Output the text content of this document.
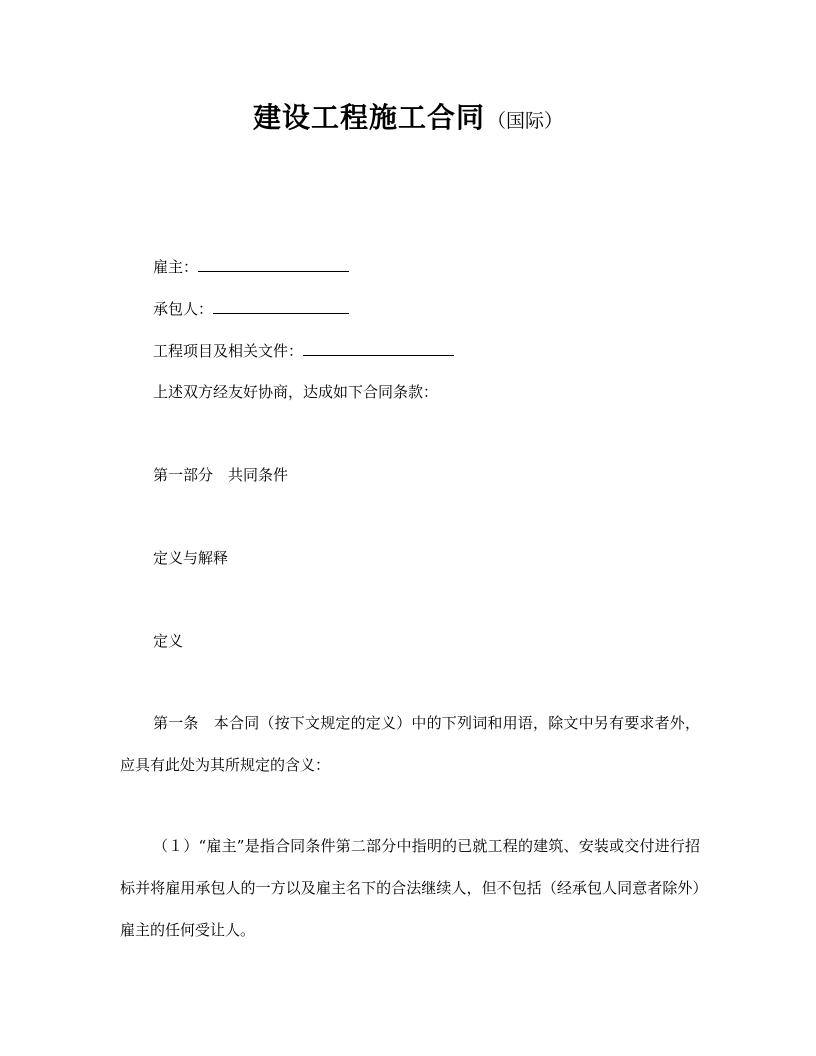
建设工程施工合同 （国际）
雇主：
承包人：
工程项目及相关文件：
上述双方经友好协商，达成如下合同条款：
第一部分　共同条件
定义与解释
定义
第一条　本合同（按下文规定的定义）中的下列词和用语，除文中另有要求者外，应具有此处为其所规定的含义：
（１）“雇主”是指合同条件第二部分中指明的已就工程的建筑、安装或交付进行招标并将雇用承包人的一方以及雇主名下的合法继续人，但不包括（经承包人同意者除外）雇主的任何受让人。
